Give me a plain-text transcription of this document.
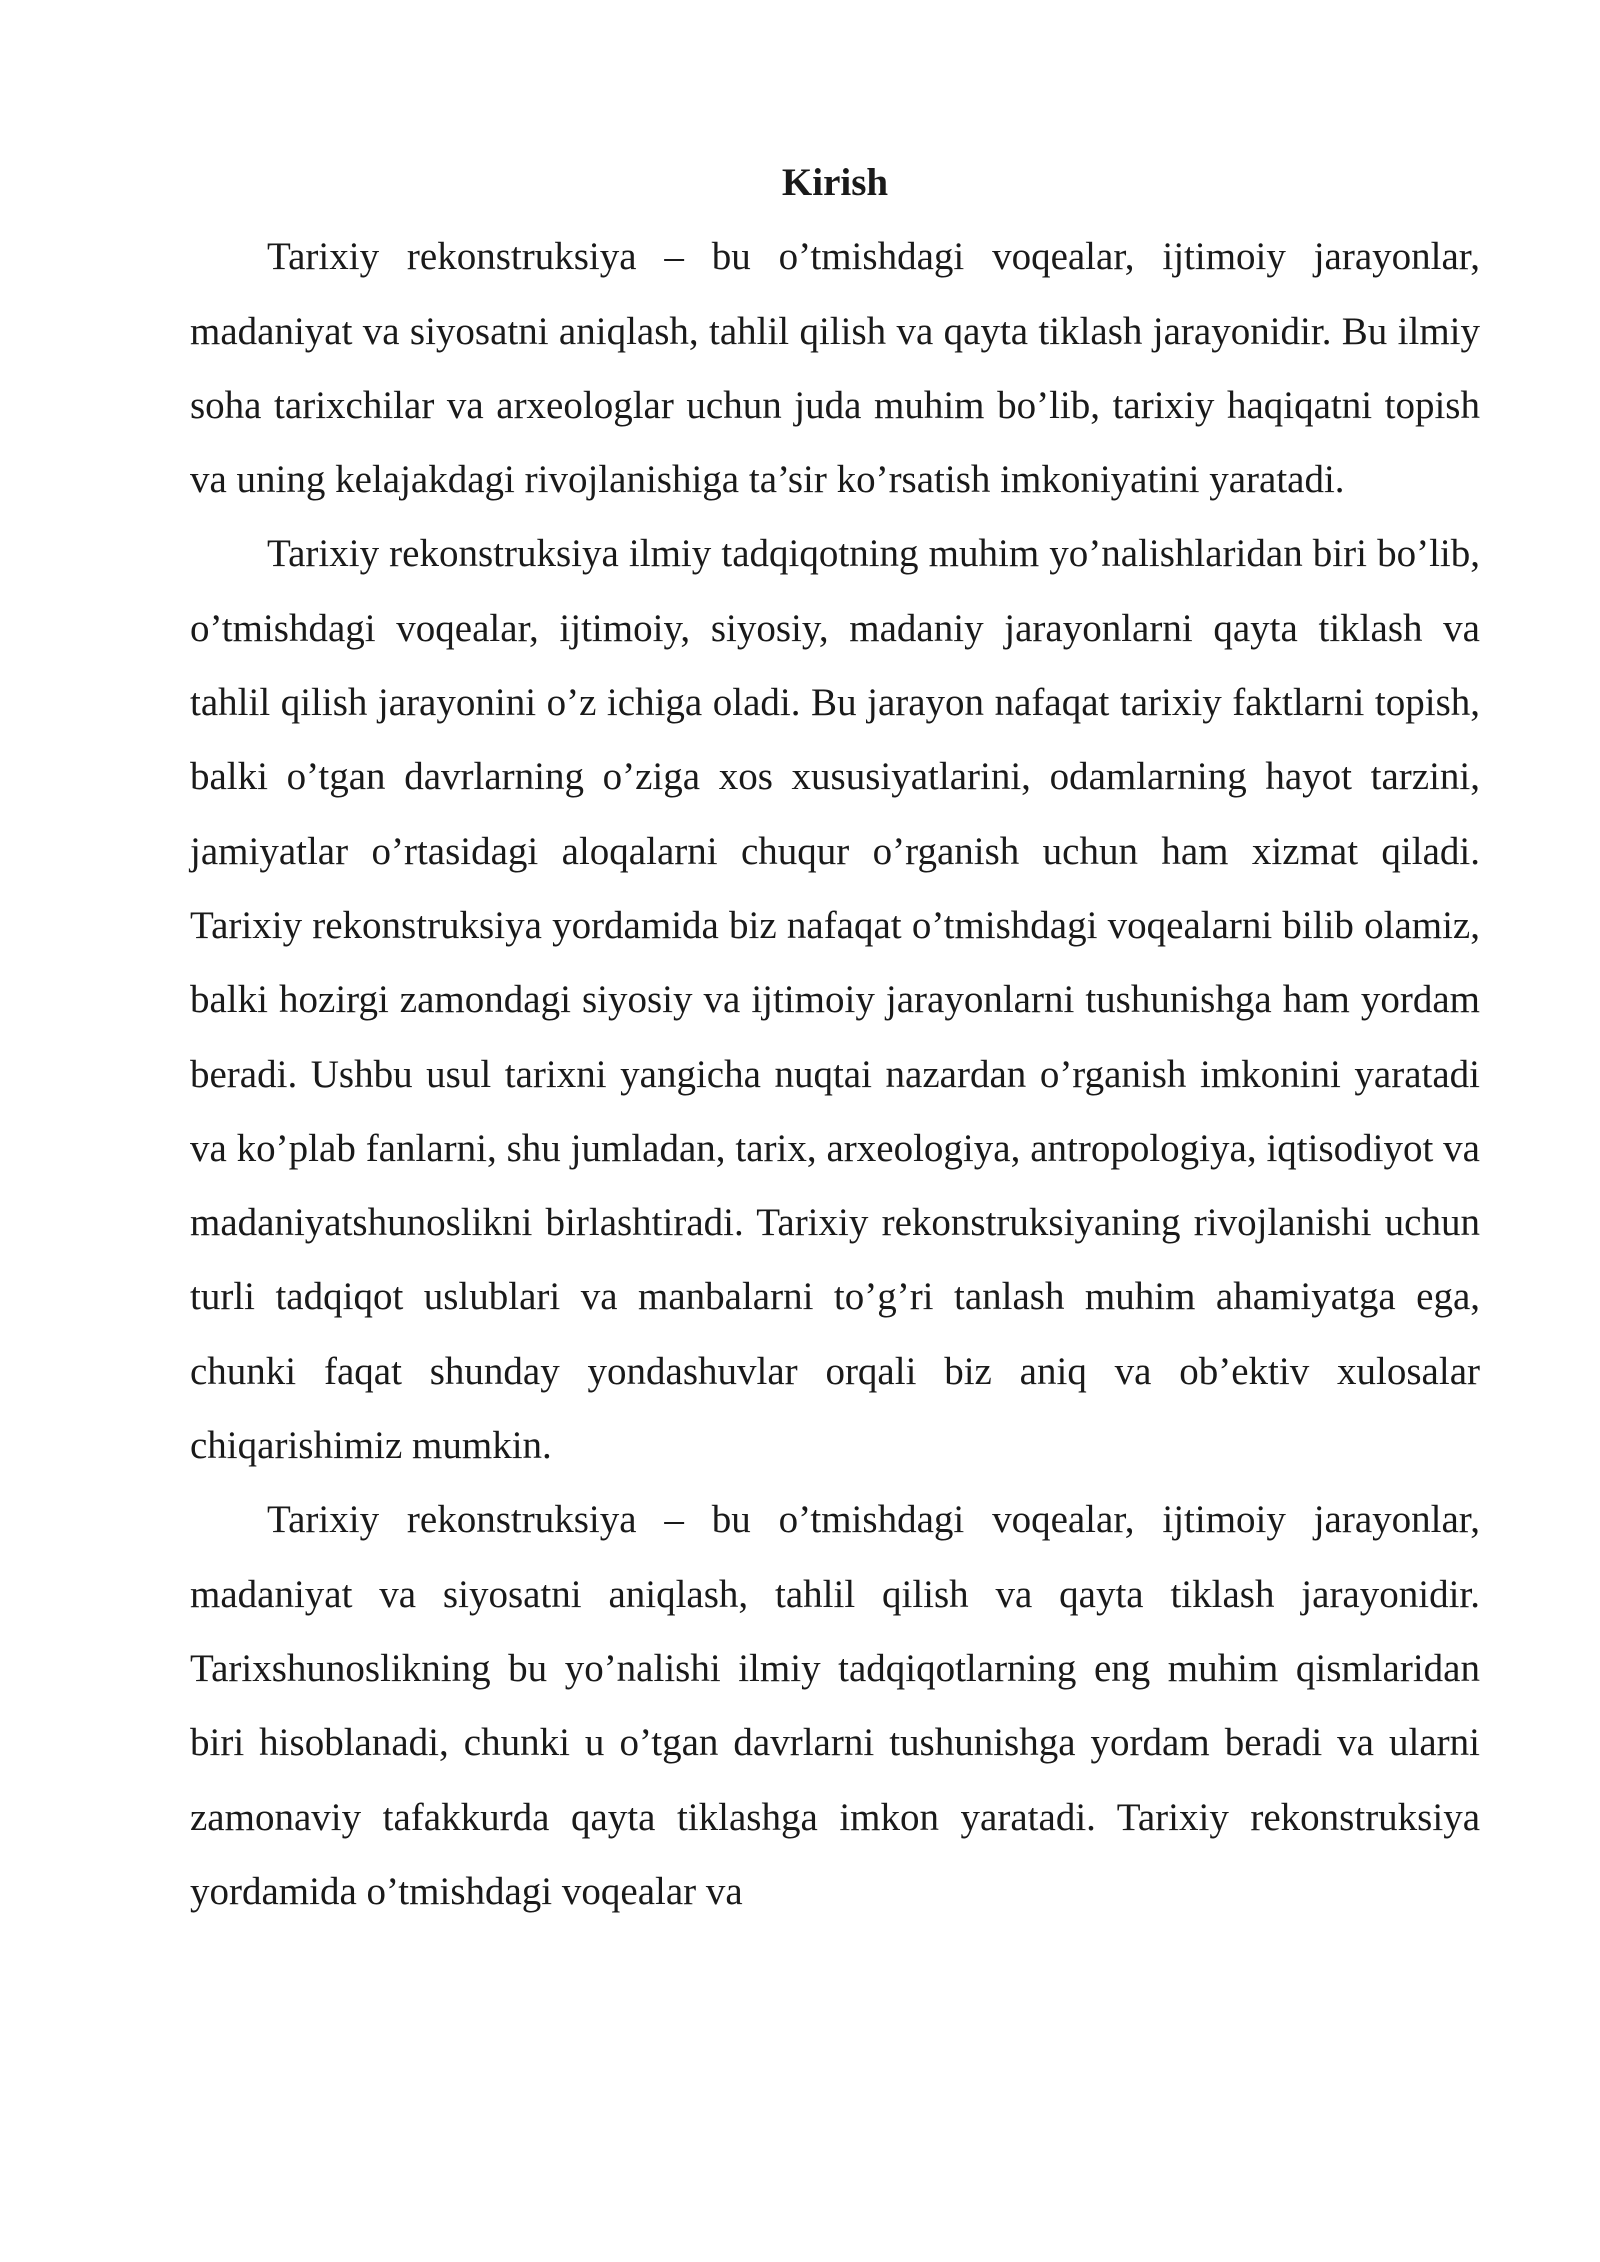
Kirish

Tarixiy rekonstruksiya – bu o’tmishdagi voqealar, ijtimoiy jarayonlar, madaniyat va siyosatni aniqlash, tahlil qilish va qayta tiklash jarayonidir. Bu ilmiy soha tarixchilar va arxeologlar uchun juda muhim bo’lib, tarixiy haqiqatni topish va uning kelajakdagi rivojlanishiga ta’sir ko’rsatish imkoniyatini yaratadi.

Tarixiy rekonstruksiya ilmiy tadqiqotning muhim yo’nalishlaridan biri bo’lib, o’tmishdagi voqealar, ijtimoiy, siyosiy, madaniy jarayonlarni qayta tiklash va tahlil qilish jarayonini o’z ichiga oladi. Bu jarayon nafaqat tarixiy faktlarni topish, balki o’tgan davrlarning o’ziga xos xususiyatlarini, odamlarning hayot tarzini, jamiyatlar o’rtasidagi aloqalarni chuqur o’rganish uchun ham xizmat qiladi. Tarixiy rekonstruksiya yordamida biz nafaqat o’tmishdagi voqealarni bilib olamiz, balki hozirgi zamondagi siyosiy va ijtimoiy jarayonlarni tushunishga ham yordam beradi. Ushbu usul tarixni yangicha nuqtai nazardan o’rganish imkonini yaratadi va ko’plab fanlarni, shu jumladan, tarix, arxeologiya, antropologiya, iqtisodiyot va madaniyatshunoslikni birlashtiradi. Tarixiy rekonstruksiyaning rivojlanishi uchun turli tadqiqot uslublari va manbalarni to’g’ri tanlash muhim ahamiyatga ega, chunki faqat shunday yondashuvlar orqali biz aniq va ob’ektiv xulosalar chiqarishimiz mumkin.

Tarixiy rekonstruksiya – bu o’tmishdagi voqealar, ijtimoiy jarayonlar, madaniyat va siyosatni aniqlash, tahlil qilish va qayta tiklash jarayonidir. Tarixshunoslikning bu yo’nalishi ilmiy tadqiqotlarning eng muhim qismlaridan biri hisoblanadi, chunki u o’tgan davrlarni tushunishga yordam beradi va ularni zamonaviy tafakkurda qayta tiklashga imkon yaratadi. Tarixiy rekonstruksiya yordamida o’tmishdagi voqealar va
